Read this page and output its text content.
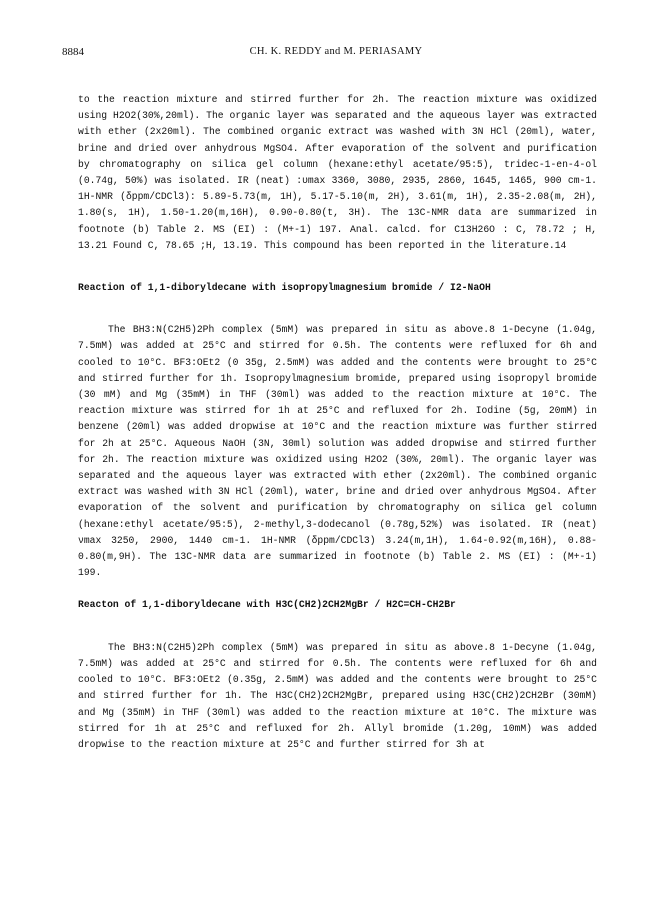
8884	CH. K. REDDY and M. PERIASAMY

to the reaction mixture and stirred further for 2h. The reaction mixture was oxidized using H2O2(30%,20ml). The organic layer was separated and the aqueous layer was extracted with ether (2x20ml). The combined organic extract was washed with 3N HCl (20ml), water, brine and dried over anhydrous MgSO4. After evaporation of the solvent and purification by chromatography on silica gel column (hexane:ethyl acetate/95:5), tridec-1-en-4-ol (0.74g, 50%) was isolated. IR (neat) :υmax 3360, 3080, 2935, 2860, 1645, 1465, 900 cm-1. 1H-NMR (δppm/CDCl3): 5.89-5.73(m, 1H), 5.17-5.10(m, 2H), 3.61(m, 1H), 2.35-2.08(m, 2H), 1.80(s, 1H), 1.50-1.20(m,16H), 0.90-0.80(t, 3H). The 13C-NMR data are summarized in footnote (b) Table 2. MS (EI) : (M+-1) 197. Anal. calcd. for C13H26O : C, 78.72 ; H, 13.21 Found C, 78.65 ;H, 13.19. This compound has been reported in the literature.14

Reaction of 1,1-diboryldecane with isopropylmagnesium bromide / I2-NaOH

The BH3:N(C2H5)2Ph complex (5mM) was prepared in situ as above.8 1-Decyne (1.04g, 7.5mM) was added at 25°C and stirred for 0.5h. The contents were refluxed for 6h and cooled to 10°C. BF3:OEt2 (0 35g, 2.5mM) was added and the contents were brought to 25°C and stirred further for 1h. Isopropylmagnesium bromide, prepared using isopropyl bromide (30 mM) and Mg (35mM) in THF (30ml) was added to the reaction mixture at 10°C. The reaction mixture was stirred for 1h at 25°C and refluxed for 2h. Iodine (5g, 20mM) in benzene (20ml) was added dropwise at 10°C and the reaction mixture was further stirred for 2h at 25°C. Aqueous NaOH (3N, 30ml) solution was added dropwise and stirred further for 2h. The reaction mixture was oxidized using H2O2 (30%, 20ml). The organic layer was separated and the aqueous layer was extracted with ether (2x20ml). The combined organic extract was washed with 3N HCl (20ml), water, brine and dried over anhydrous MgSO4. After evaporation of the solvent and purification by chromatography on silica gel column (hexane:ethyl acetate/95:5), 2-methyl,3-dodecanol (0.78g,52%) was isolated. IR (neat) νmax 3250, 2900, 1440 cm-1. 1H-NMR (δppm/CDCl3) 3.24(m,1H), 1.64-0.92(m,16H), 0.88-0.80(m,9H). The 13C-NMR data are summarized in footnote (b) Table 2. MS (EI) : (M+-1) 199.

Reacton of 1,1-diboryldecane with H3C(CH2)2CH2MgBr / H2C=CH-CH2Br

The BH3:N(C2H5)2Ph complex (5mM) was prepared in situ as above.8 1-Decyne (1.04g, 7.5mM) was added at 25°C and stirred for 0.5h. The contents were refluxed for 6h and cooled to 10°C. BF3:OEt2 (0.35g, 2.5mM) was added and the contents were brought to 25°C and stirred further for 1h. The H3C(CH2)2CH2MgBr, prepared using H3C(CH2)2CH2Br (30mM) and Mg (35mM) in THF (30ml) was added to the reaction mixture at 10°C. The mixture was stirred for 1h at 25°C and refluxed for 2h. Allyl bromide (1.20g, 10mM) was added dropwise to the reaction mixture at 25°C and further stirred for 3h at
